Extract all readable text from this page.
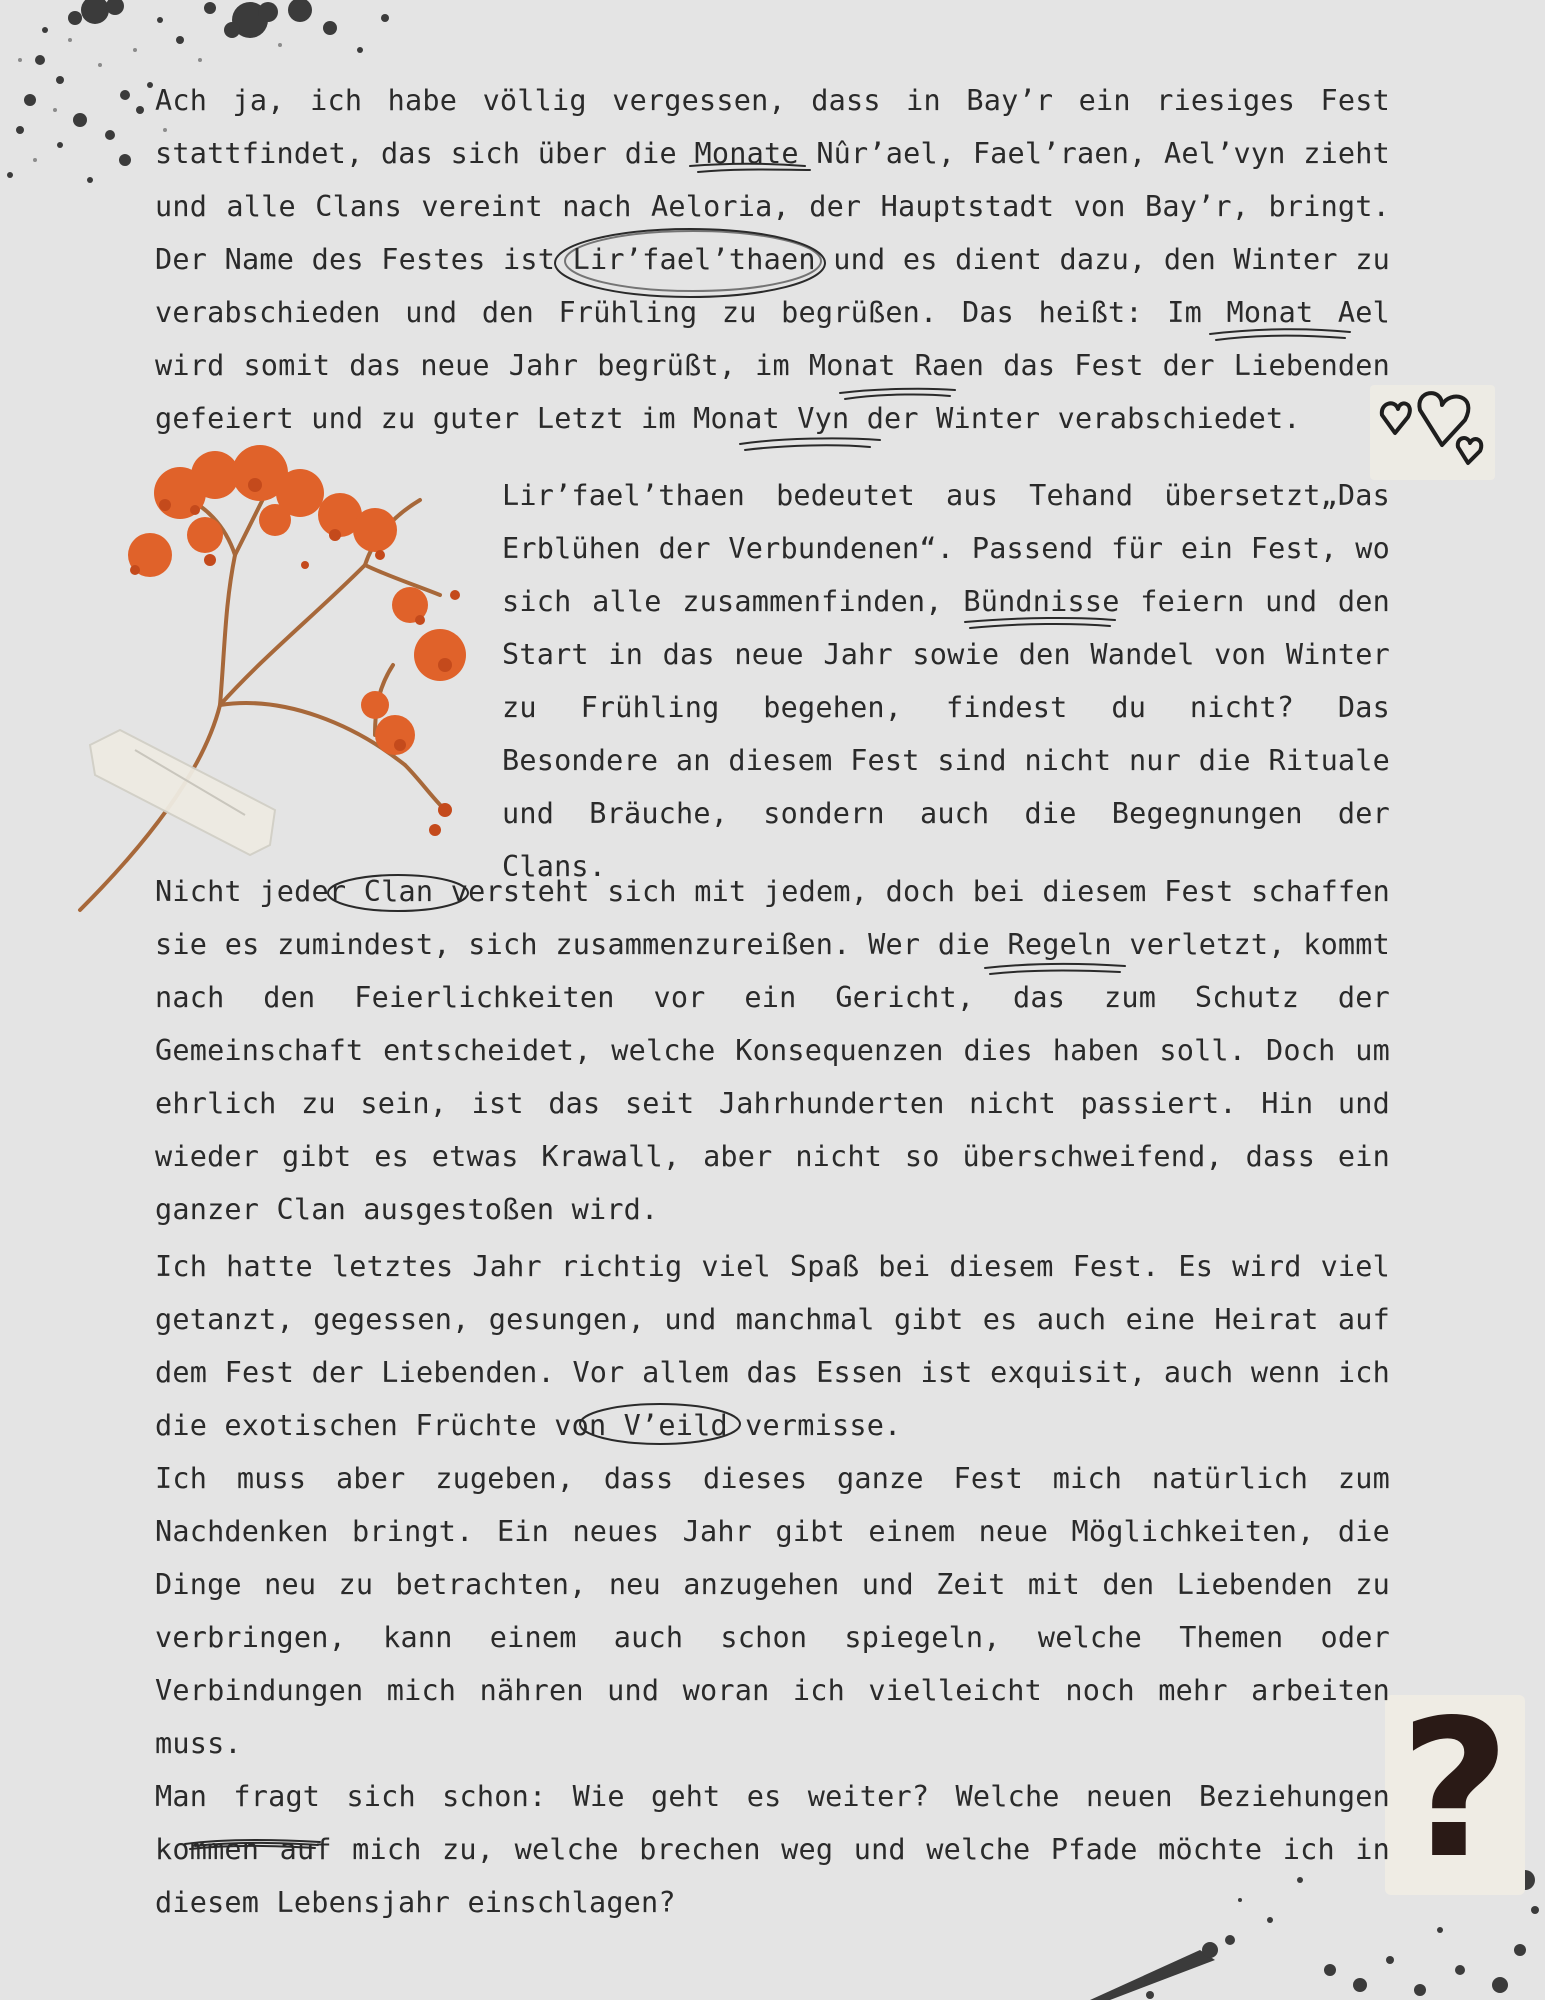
?

Ach ja, ich habe völlig vergessen, dass in Bay’r ein riesiges Fest stattfindet, das sich über die Monate Nûr’ael, Fael’raen, Ael’vyn zieht und alle Clans vereint nach Aeloria, der Hauptstadt von Bay’r, bringt. Der Name des Festes ist Lir’fael’thaen und es dient dazu, den Winter zu verabschieden und den Frühling zu begrüßen. Das heißt: Im Monat Ael wird somit das neue Jahr begrüßt, im Monat Raen das Fest der Liebenden gefeiert und zu guter Letzt im Monat Vyn der Winter verabschiedet.

Lir’fael’thaen bedeutet aus Tehand übersetzt„Das Erblühen der Verbundenen“. Passend für ein Fest, wo sich alle zusammenfinden, Bündnisse feiern und den Start in das neue Jahr sowie den Wandel von Winter zu Frühling begehen, findest du nicht? Das Besondere an diesem Fest sind nicht nur die Rituale und Bräuche, sondern auch die Begegnungen der Clans.

Nicht jeder Clan versteht sich mit jedem, doch bei diesem Fest schaffen sie es zumindest, sich zusammenzureißen. Wer die Regeln verletzt, kommt nach den Feierlichkeiten vor ein Gericht, das zum Schutz der Gemeinschaft entscheidet, welche Konsequenzen dies haben soll. Doch um ehrlich zu sein, ist das seit Jahrhunderten nicht passiert. Hin und wieder gibt es etwas Krawall, aber nicht so überschweifend, dass ein ganzer Clan ausgestoßen wird.

Ich hatte letztes Jahr richtig viel Spaß bei diesem Fest. Es wird viel getanzt, gegessen, gesungen, und manchmal gibt es auch eine Heirat auf dem Fest der Liebenden. Vor allem das Essen ist exquisit, auch wenn ich die exotischen Früchte von V’eild vermisse.

Ich muss aber zugeben, dass dieses ganze Fest mich natürlich zum Nachdenken bringt. Ein neues Jahr gibt einem neue Möglichkeiten, die Dinge neu zu betrachten, neu anzugehen und Zeit mit den Liebenden zu verbringen, kann einem auch schon spiegeln, welche Themen oder Verbindungen mich nähren und woran ich vielleicht noch mehr arbeiten muss.

Man fragt sich schon: Wie geht es weiter? Welche neuen Beziehungen kommen auf mich zu, welche brechen weg und welche Pfade möchte ich in diesem Lebensjahr einschlagen?
